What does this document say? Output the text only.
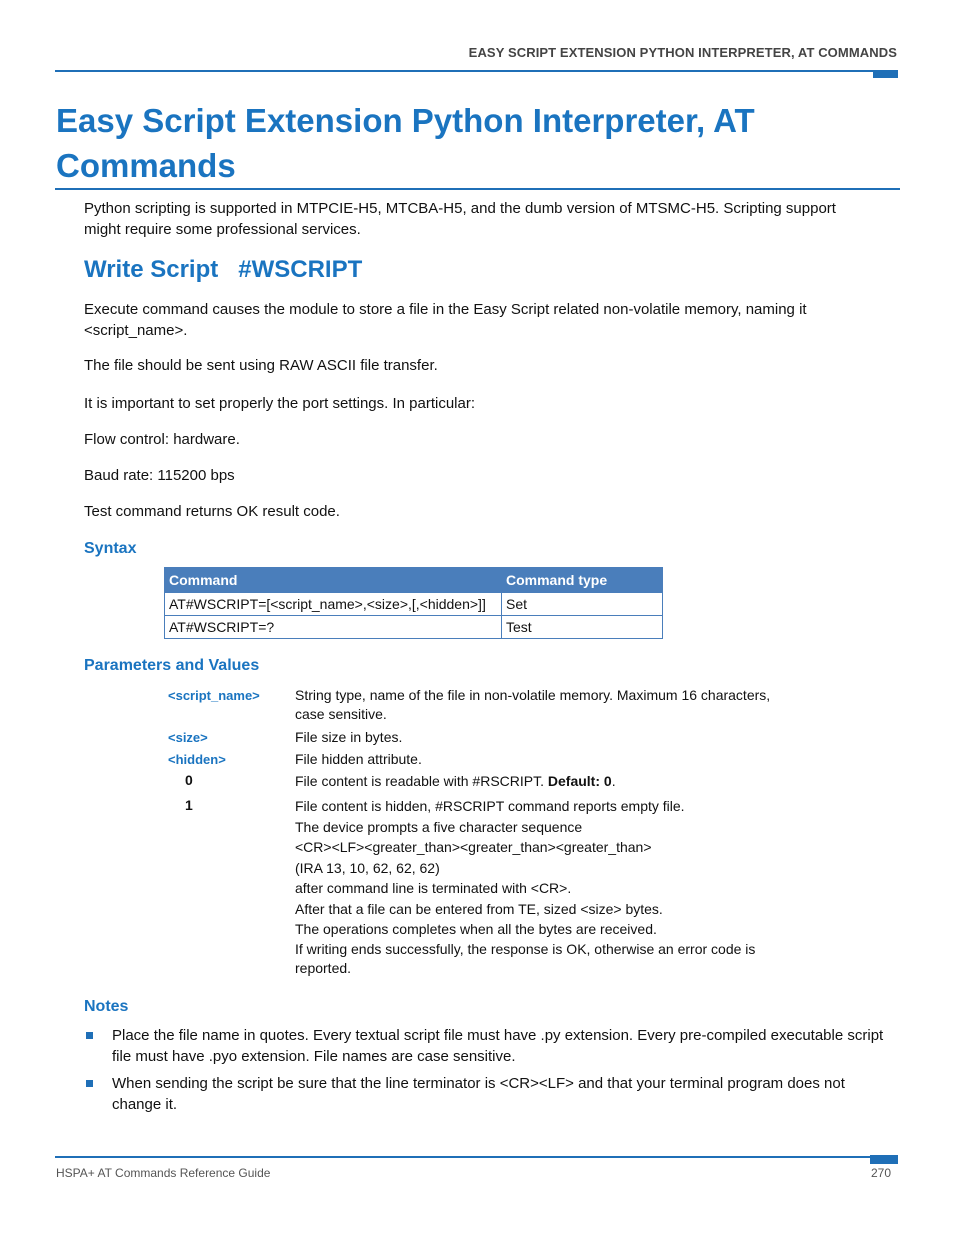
EASY SCRIPT EXTENSION PYTHON INTERPRETER, AT COMMANDS
Easy Script Extension Python Interpreter, AT Commands

Python scripting is supported in MTPCIE-H5, MTCBA-H5, and the dumb version of MTSMC-H5. Scripting support might require some professional services.

Write Script   #WSCRIPT

Execute command causes the module to store a file in the Easy Script related non-volatile memory, naming it <script_name>.

The file should be sent using RAW ASCII file transfer.

It is important to set properly the port settings. In particular:

Flow control: hardware.

Baud rate: 115200 bps

Test command returns OK result code.

Syntax
Command	Command type
AT#WSCRIPT=[<script_name>,<size>,[,<hidden>]]	Set
AT#WSCRIPT=?	Test
Parameters and Values
<script_name>	String type, name of the file in non-volatile memory. Maximum 16 characters, case sensitive.
<size>	File size in bytes.
<hidden>	File hidden attribute.
0	File content is readable with #RSCRIPT. Default: 0.
1	File content is hidden, #RSCRIPT command reports empty file.
The device prompts a five character sequence
<CR><LF><greater_than><greater_than><greater_than>
(IRA 13, 10, 62, 62, 62)
after command line is terminated with <CR>.
After that a file can be entered from TE, sized <size> bytes.
The operations completes when all the bytes are received.
If writing ends successfully, the response is OK, otherwise an error code is reported.
Notes

Place the file name in quotes. Every textual script file must have .py extension. Every pre-compiled executable script file must have .pyo extension. File names are case sensitive.

When sending the script be sure that the line terminator is <CR><LF> and that your terminal program does not change it.

HSPA+ AT Commands Reference Guide	270
